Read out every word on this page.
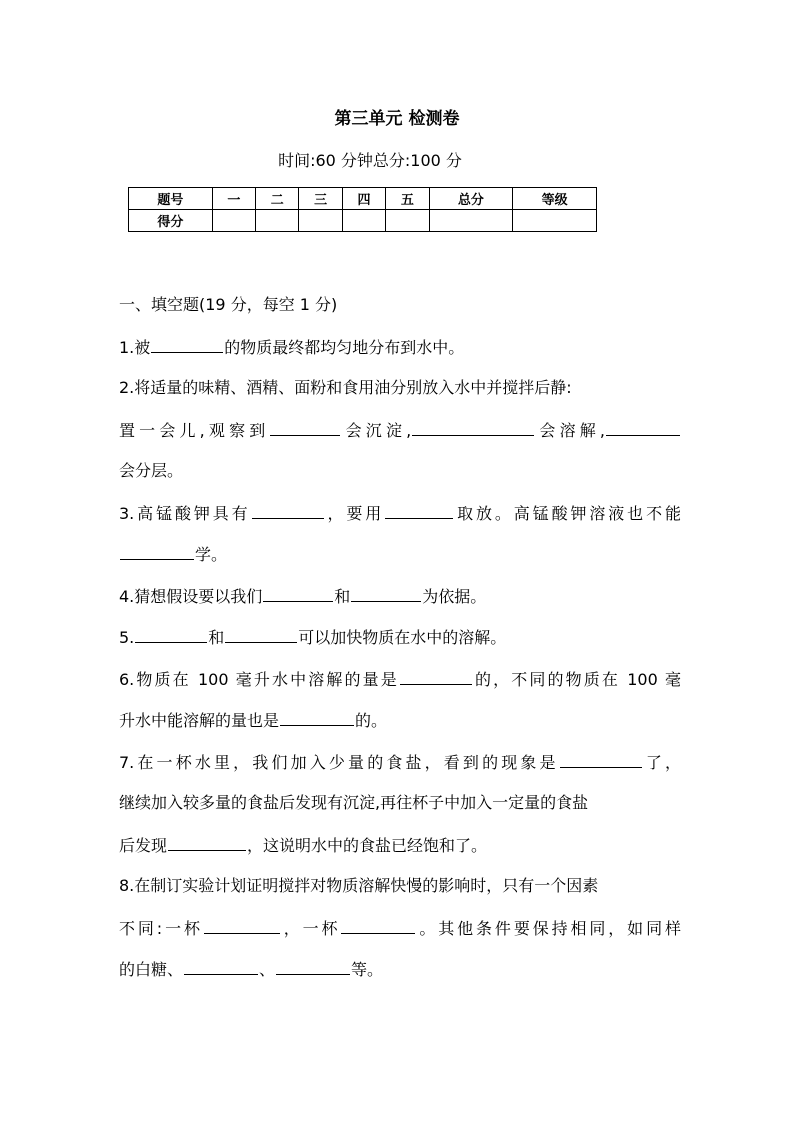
第三单元 检测卷
时间:60 分钟总分:100 分
题号	一	二	三	四	五	总分	等级
得分							
一、填空题(19 分，每空 1 分)
1.被	的物质最终都均匀地分布到水中。
2.将适量的味精、酒精、面粉和食用油分别放入水中并搅拌后静:
置一会儿,观察到	会沉淀,	会溶解,
会分层。
3.高锰酸钾具有	，要用	取放。高锰酸钾溶液也不能
学。
4.猜想假设要以我们	和	为依据。
5.	和	可以加快物质在水中的溶解。
6.物质在 100 毫升水中溶解的量是	的，不同的物质在 100 毫
升水中能溶解的量也是	的。
7.在一杯水里，我们加入少量的食盐，看到的现象是	了，
继续加入较多量的食盐后发现有沉淀,再往杯子中加入一定量的食盐
后发现	，这说明水中的食盐已经饱和了。
8.在制订实验计划证明搅拌对物质溶解快慢的影响时，只有一个因素
不同:一杯	，一杯	。其他条件要保持相同，如同样
的白糖、	、	等。
